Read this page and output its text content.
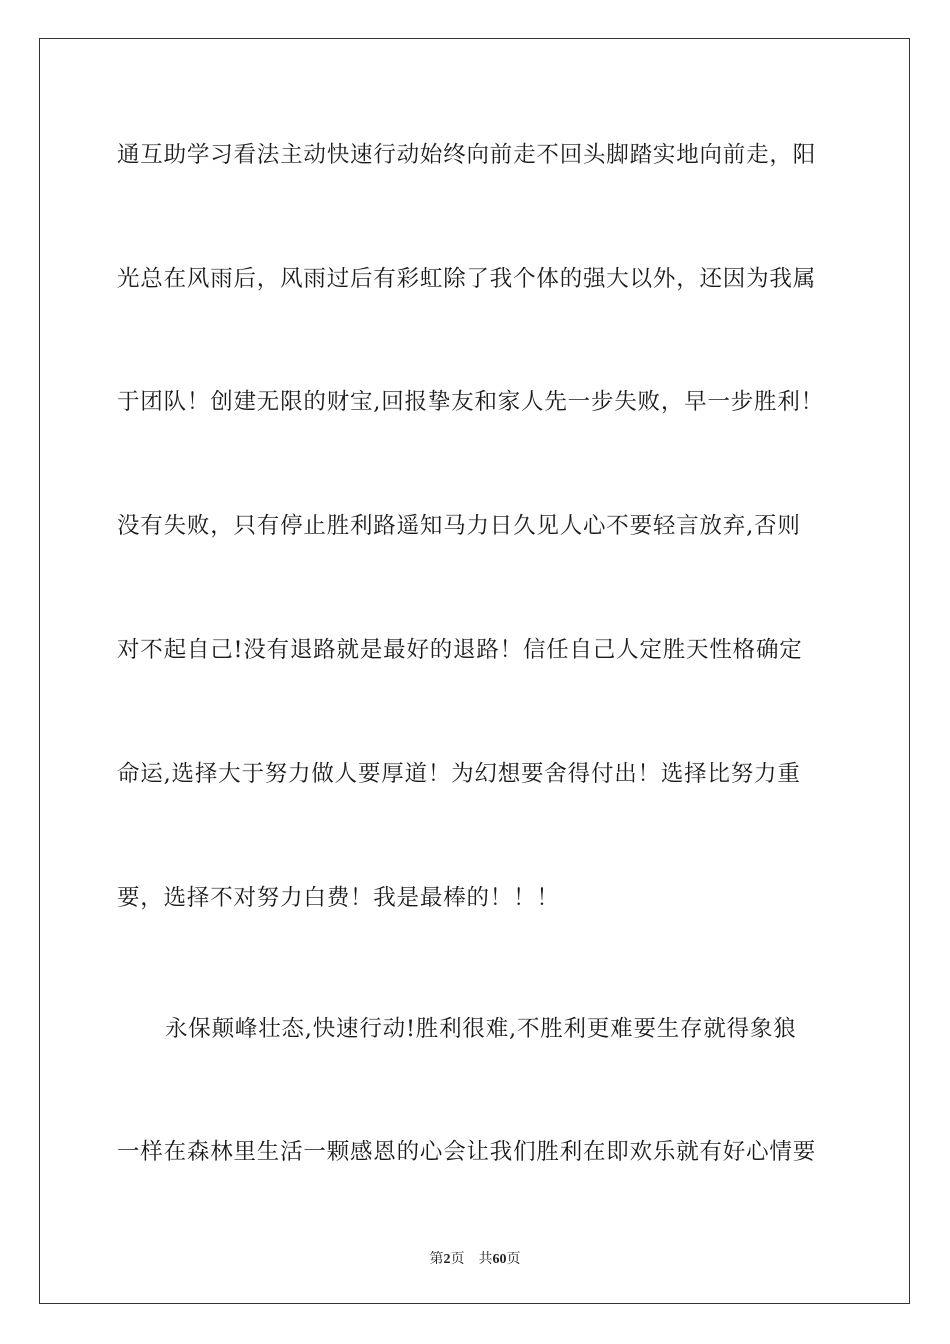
通互助学习看法主动快速行动始终向前走不回头脚踏实地向前走，阳
光总在风雨后，风雨过后有彩虹除了我个体的强大以外，还因为我属
于团队！创建无限的财宝,回报挚友和家人先一步失败，早一步胜利！
没有失败，只有停止胜利路遥知马力日久见人心不要轻言放弃,否则
对不起自己!没有退路就是最好的退路！信任自己人定胜天性格确定
命运,选择大于努力做人要厚道！为幻想要舍得付出！选择比努力重
要，选择不对努力白费！我是最棒的！！！
永保颠峰壮态,快速行动!胜利很难,不胜利更难要生存就得象狼
一样在森林里生活一颗感恩的心会让我们胜利在即欢乐就有好心情要
第2页 共60页
